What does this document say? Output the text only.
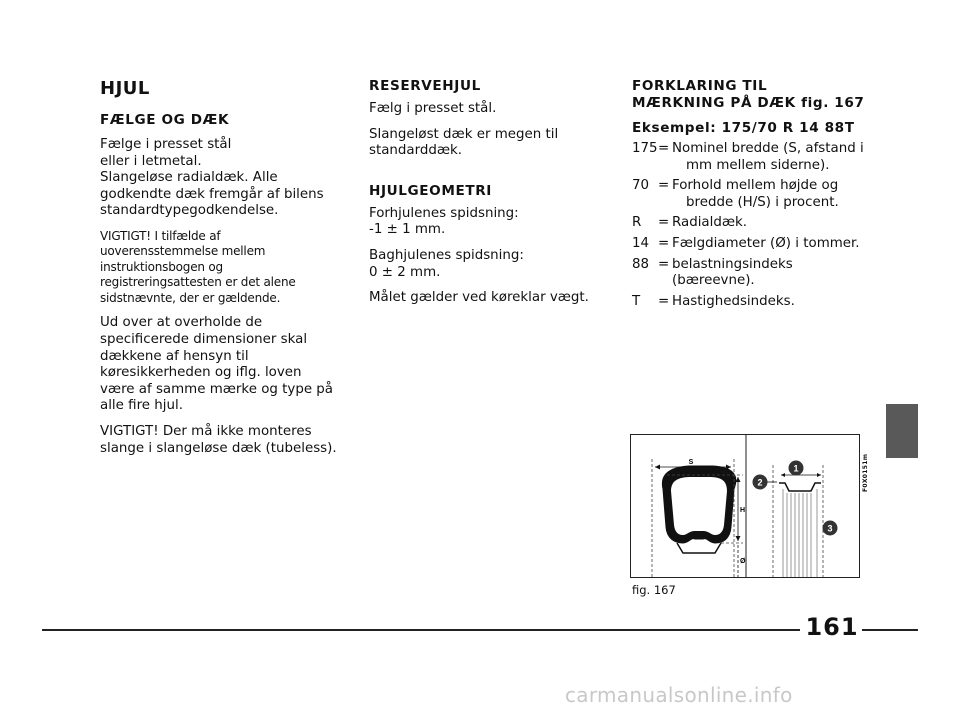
HJUL
FÆLGE OG DÆK

Fælge i presset stål
eller i letmetal.
Slangeløse radialdæk. Alle godkendte dæk fremgår af bilens standardtypegodkendelse.

VIGTIGT! I tilfælde af uoverensstemmelse mellem instruktionsbogen og registreringsattesten er det alene sidstnævnte, der er gældende.

Ud over at overholde de specificerede dimensioner skal dækkene af hensyn til køresikkerheden og iflg. loven være af samme mærke og type på alle fire hjul.

VIGTIGT! Der må ikke monteres slange i slangeløse dæk (tubeless).

RESERVEHJUL

Fælg i presset stål.

Slangeløst dæk er megen til standarddæk.

HJULGEOMETRI

Forhjulenes spidsning:
-1 ± 1 mm.

Baghjulenes spidsning:
0 ± 2 mm.

Målet gælder ved køreklar vægt.

FORKLARING TIL
MÆRKNING PÅ DÆK fig. 167
Eksempel: 175/70 R 14 88T
175 = Nominel bredde (S, afstand i
mm mellem siderne).
70 = Forhold mellem højde og
bredde (H/S) i procent.
R	= Radialdæk.
14 = Fælgdiameter (Ø) i tommer.
88 = belastningsindeks (bæreevne).
T	= Hastighedsindeks.
S
H
Ø
1
2
3
F0X0151m
fig. 167
161
carmanualsonline.info
